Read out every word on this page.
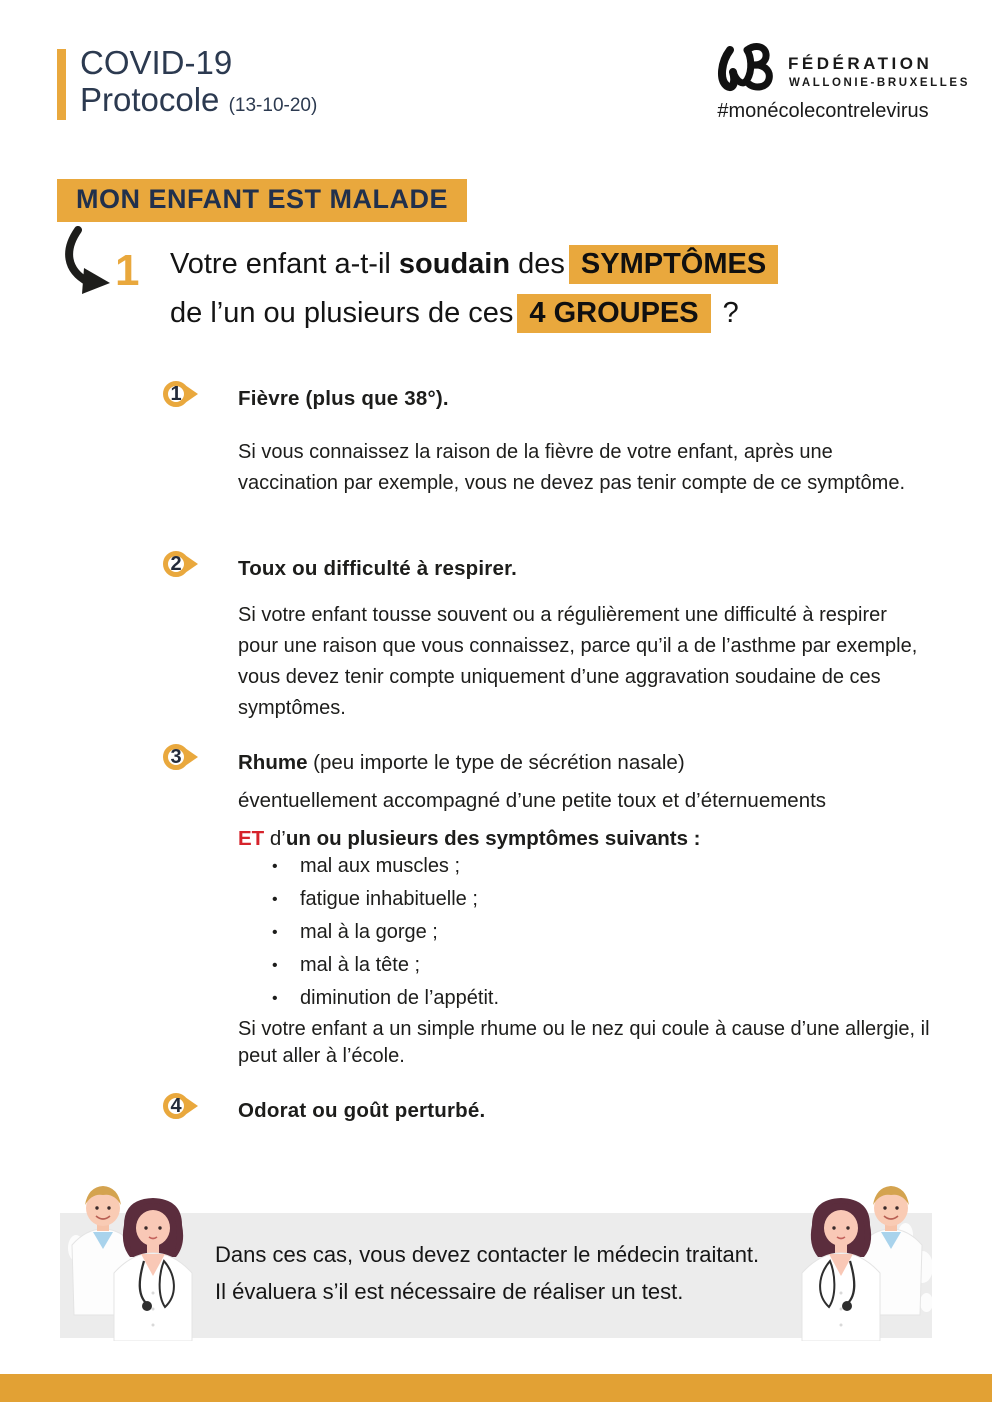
COVID-19
Protocole (13-10-20)
FÉDÉRATION
WALLONIE-BRUXELLES
#monécolecontrelevirus
MON ENFANT EST MALADE
1 Votre enfant a-t-il soudain des SYMPTÔMES
de l’un ou plusieurs de ces 4 GROUPES ?
1	Fièvre (plus que 38°).
Si vous connaissez la raison de la fièvre de votre enfant, après une vaccination par exemple, vous ne devez pas tenir compte de ce symptôme.
2	Toux ou difficulté à respirer.
Si votre enfant tousse souvent ou a régulièrement une difficulté à respirer pour une raison que vous connaissez, parce qu’il a de l’asthme par exemple, vous devez tenir compte uniquement d’une aggravation soudaine de ces symptômes.
3	Rhume (peu importe le type de sécrétion nasale)
éventuellement accompagné d’une petite toux et d’éternuements
ET d’un ou plusieurs des symptômes suivants :
•	mal aux muscles ;
•	fatigue inhabituelle ;
•	mal à la gorge ;
•	mal à la tête ;
•	diminution de l’appétit.
Si votre enfant a un simple rhume ou le nez qui coule à cause d’une allergie, il peut aller à l’école.
4	Odorat ou goût perturbé.
Dans ces cas, vous devez contacter le médecin traitant.
Il évaluera s’il est nécessaire de réaliser un test.
